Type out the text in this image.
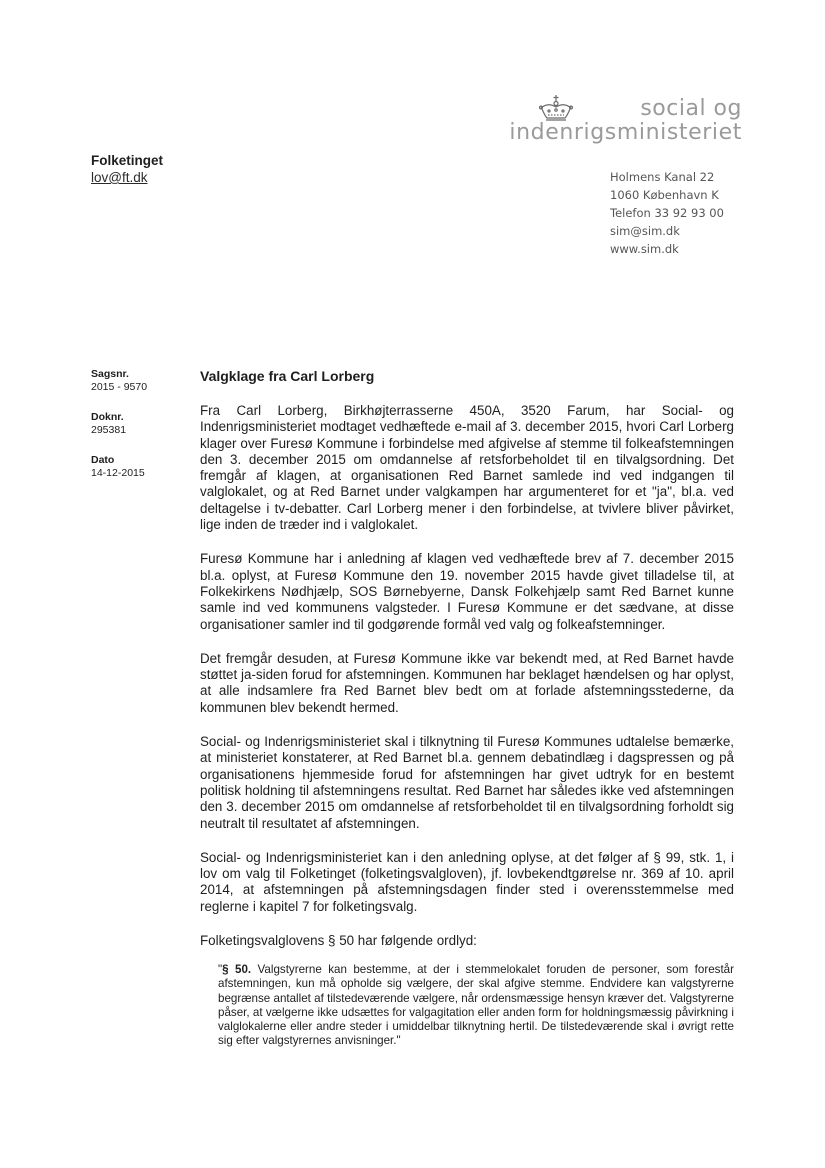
social og
indenrigsministeriet
Holmens Kanal 22
1060 København K
Telefon 33 92 93 00
sim@sim.dk
www.sim.dk
Folketinget
lov@ft.dk
Sagsnr.
2015 - 9570
Doknr.
295381
Dato
14-12-2015
Valgklage fra Carl Lorberg

Fra Carl Lorberg, Birkhøjterrasserne 450A, 3520 Farum, har Social- og Indenrigsministeriet modtaget vedhæftede e-mail af 3. december 2015, hvori Carl Lorberg klager over Furesø Kommune i forbindelse med afgivelse af stemme til folkeafstemningen den 3. december 2015 om omdannelse af retsforbeholdet til en tilvalgsordning. Det fremgår af klagen, at organisationen Red Barnet samlede ind ved indgangen til valglokalet, og at Red Barnet under valgkampen har argumenteret for et "ja", bl.a. ved deltagelse i tv-debatter. Carl Lorberg mener i den forbindelse, at tvivlere bliver påvirket, lige inden de træder ind i valglokalet.

Furesø Kommune har i anledning af klagen ved vedhæftede brev af 7. december 2015 bl.a. oplyst, at Furesø Kommune den 19. november 2015 havde givet tilladelse til, at Folkekirkens Nødhjælp, SOS Børnebyerne, Dansk Folkehjælp samt Red Barnet kunne samle ind ved kommunens valgsteder. I Furesø Kommune er det sædvane, at disse organisationer samler ind til godgørende formål ved valg og folkeafstemninger.

Det fremgår desuden, at Furesø Kommune ikke var bekendt med, at Red Barnet havde støttet ja-siden forud for afstemningen. Kommunen har beklaget hændelsen og har oplyst, at alle indsamlere fra Red Barnet blev bedt om at forlade afstemningsstederne, da kommunen blev bekendt hermed.

Social- og Indenrigsministeriet skal i tilknytning til Furesø Kommunes udtalelse bemærke, at ministeriet konstaterer, at Red Barnet bl.a. gennem debatindlæg i dagspressen og på organisationens hjemmeside forud for afstemningen har givet udtryk for en bestemt politisk holdning til afstemningens resultat. Red Barnet har således ikke ved afstemningen den 3. december 2015 om omdannelse af retsforbeholdet til en tilvalgsordning forholdt sig neutralt til resultatet af afstemningen.

Social- og Indenrigsministeriet kan i den anledning oplyse, at det følger af § 99, stk. 1, i lov om valg til Folketinget (folketingsvalgloven), jf. lovbekendtgørelse nr. 369 af 10. april 2014, at afstemningen på afstemningsdagen finder sted i overensstemmelse med reglerne i kapitel 7 for folketingsvalg.

Folketingsvalglovens § 50 har følgende ordlyd:

"§ 50. Valgstyrerne kan bestemme, at der i stemmelokalet foruden de personer, som forestår afstemningen, kun må opholde sig vælgere, der skal afgive stemme. Endvidere kan valgstyrerne begrænse antallet af tilstedeværende vælgere, når ordensmæssige hensyn kræver det. Valgstyrerne påser, at vælgerne ikke udsættes for valgagitation eller anden form for holdningsmæssig påvirkning i valglokalerne eller andre steder i umiddelbar tilknytning hertil. De tilstedeværende skal i øvrigt rette sig efter valgstyrernes anvisninger."
